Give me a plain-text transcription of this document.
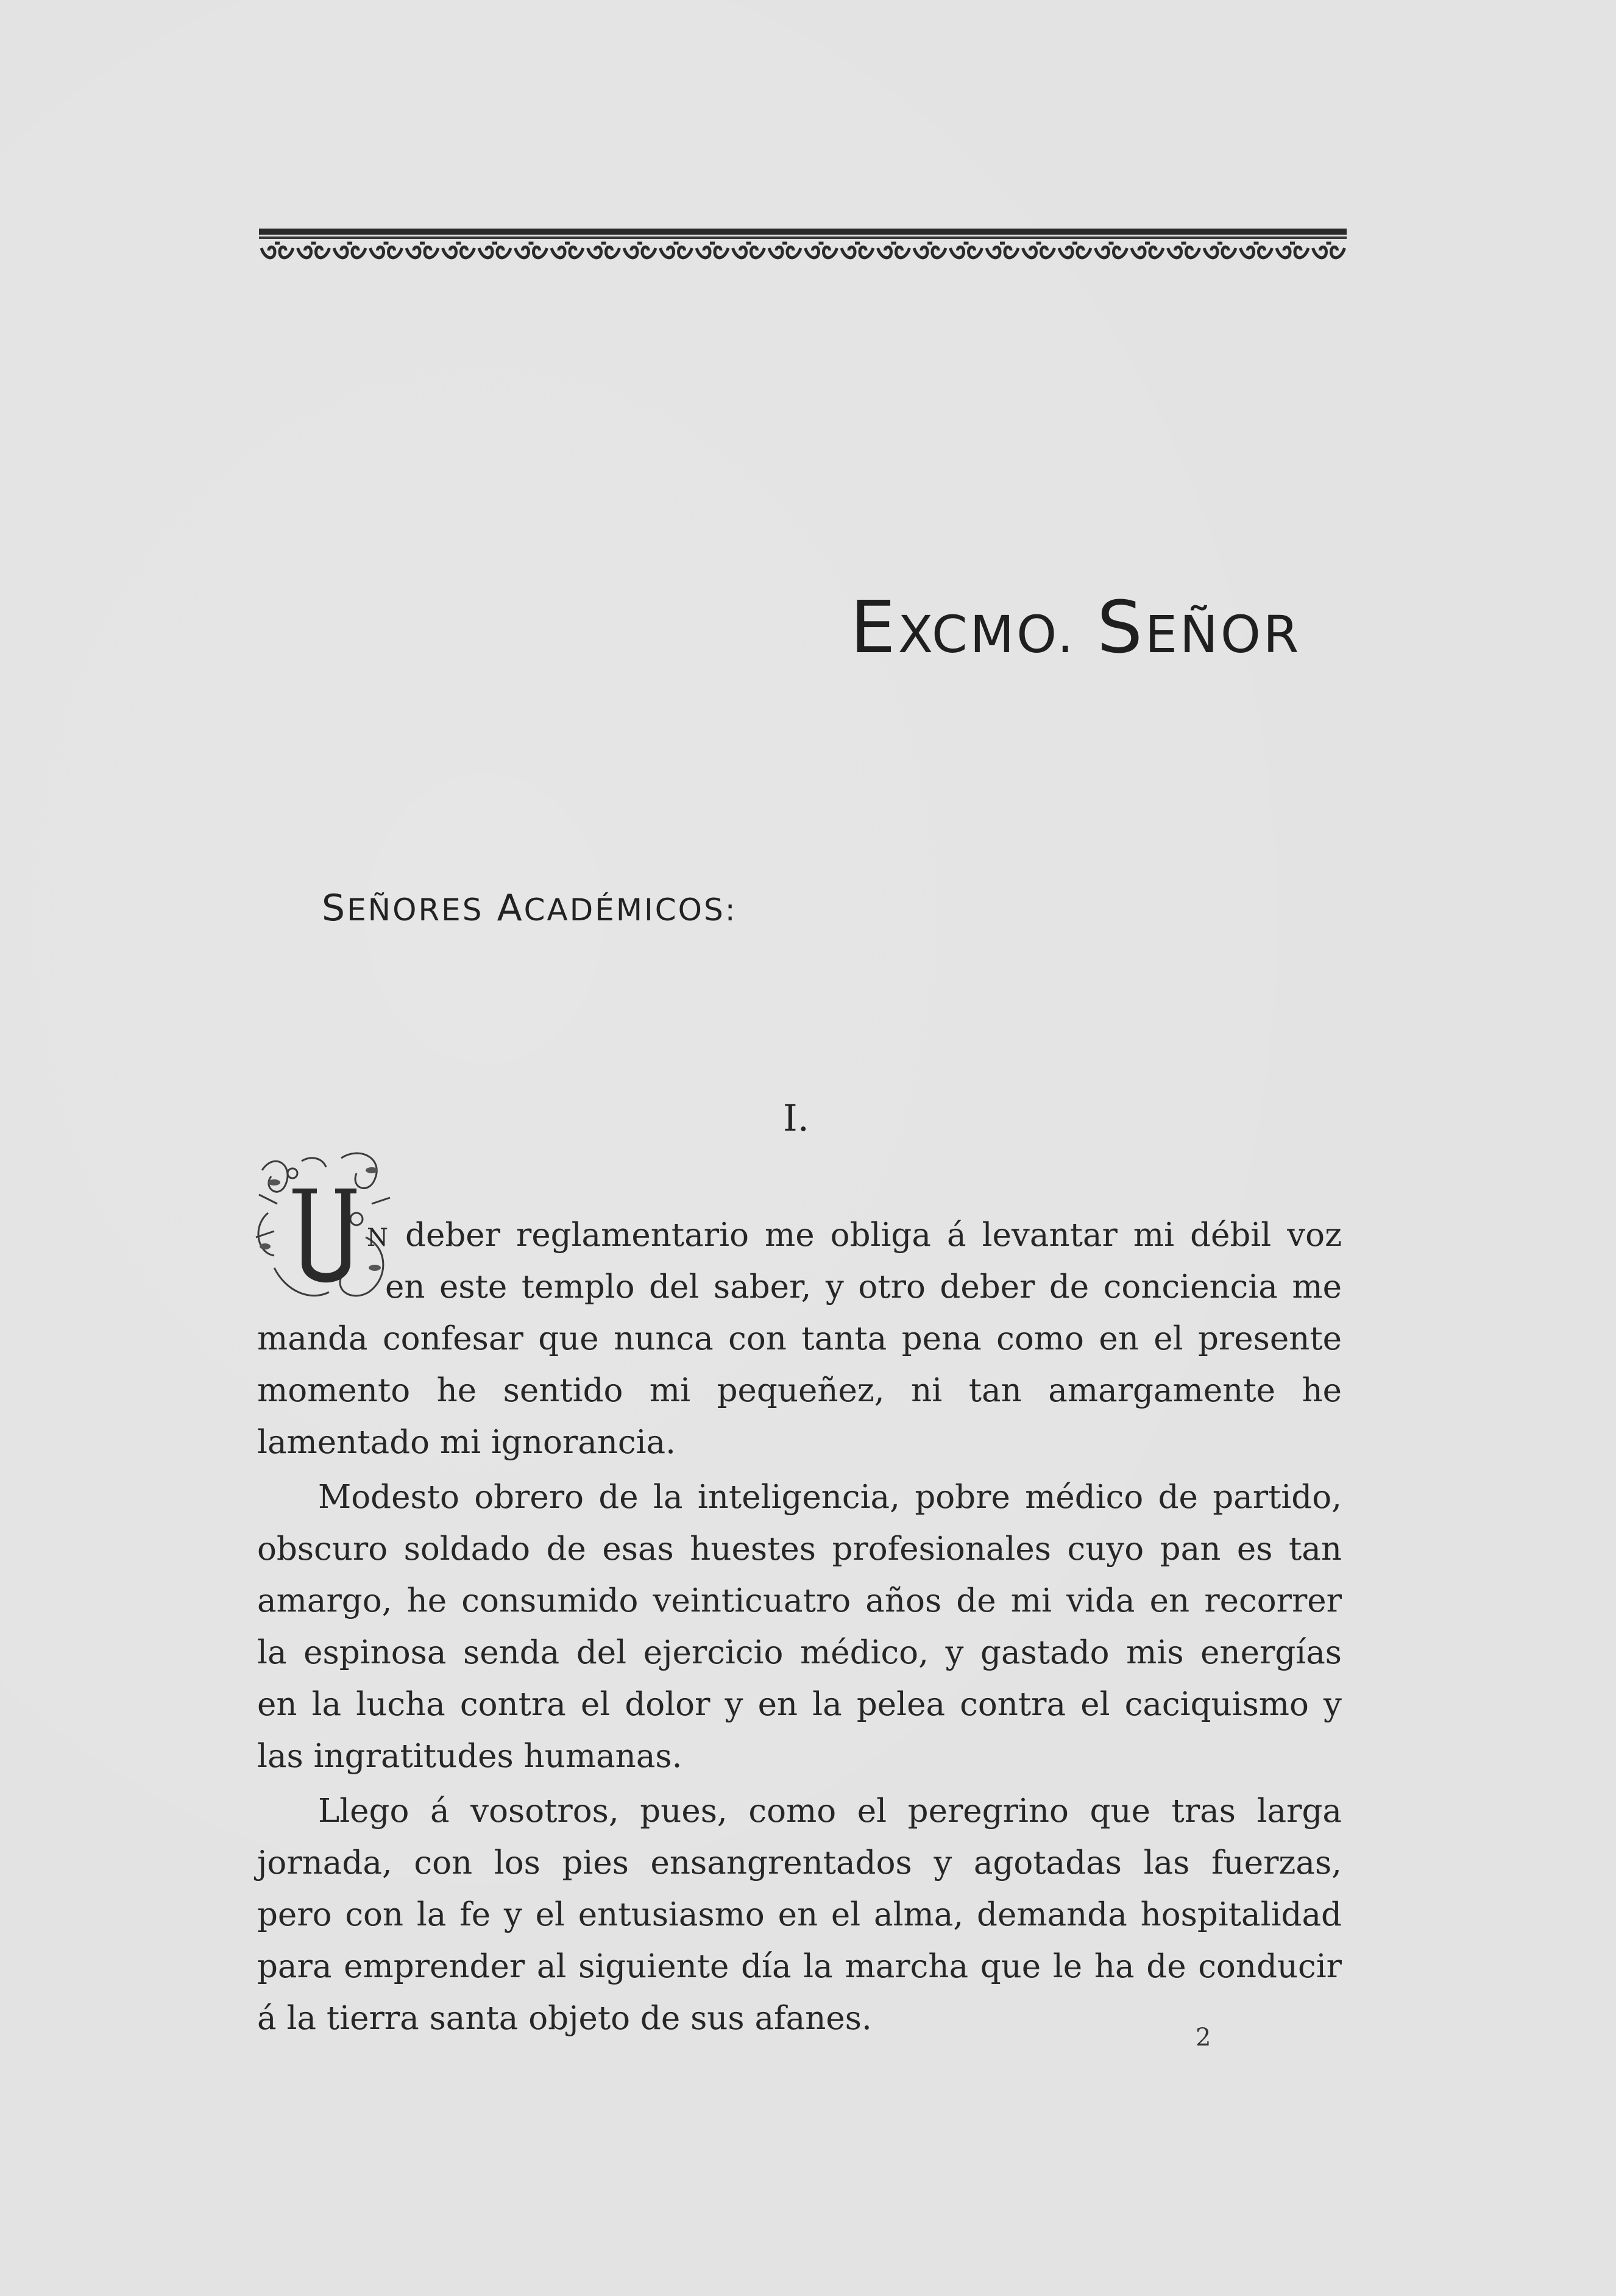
EXCMO. SEÑOR
SEÑORES ACADÉMICOS:
I.
N deber reglamentario me obliga á levantar mi débil voz
en este templo del saber, y otro deber de conciencia me
manda confesar que nunca con tanta pena como en el presente
momento he sentido mi pequeñez, ni tan amargamente he
lamentado mi ignorancia.
Modesto obrero de la inteligencia, pobre médico de partido,
obscuro soldado de esas huestes profesionales cuyo pan es tan
amargo, he consumido veinticuatro años de mi vida en recorrer
la espinosa senda del ejercicio médico, y gastado mis energías
en la lucha contra el dolor y en la pelea contra el caciquismo y
las ingratitudes humanas.
Llego á vosotros, pues, como el peregrino que tras larga
jornada, con los pies ensangrentados y agotadas las fuerzas,
pero con la fe y el entusiasmo en el alma, demanda hospitalidad
para emprender al siguiente día la marcha que le ha de conducir
á la tierra santa objeto de sus afanes.
2
